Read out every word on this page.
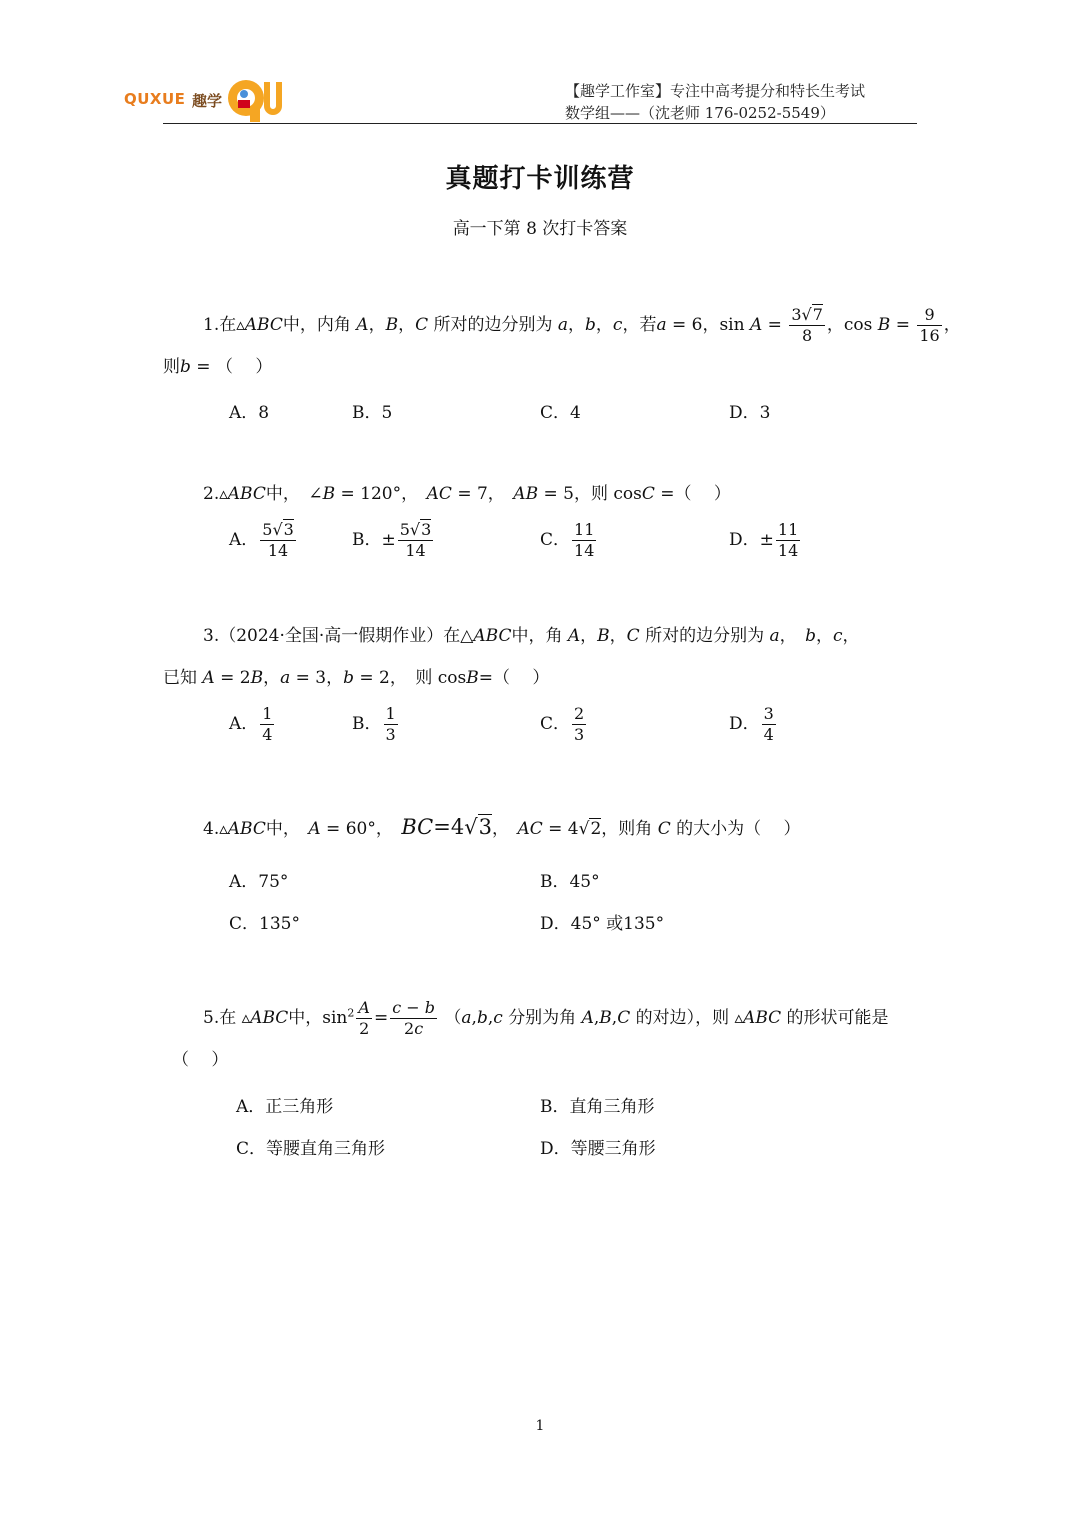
QUXUE 趣学
【趣学工作室】专注中高考提分和特长生考试
数学组——（沈老师 176-0252-5549）
真题打卡训练营
高一下第 8 次打卡答案
1.在▵ABC中，内角 A，B，C 所对的边分别为 a，b，c，若a = 6，$\sin A = \frac{3√7}{8}$ ，$\cos B = \frac{9}{16}$ ，
则b = （　 ）
A．8	B．5	C．4	D．3
2.▵ABC中，　∠B = 120°，　AC = 7，　AB = 5，则 cosC =（　 ）
A． $\frac{5√3}{14}$	B．± $\frac{5√3}{14}$	C． $\frac{11}{14}$	D．± $\frac{11}{14}$
3.（2024·全国·高一假期作业）在△ABC中，角 A，B，C 所对的边分别为 a，　b，c，
已知 A = 2B，a = 3，b = 2，　则 cosB=（　 ）
A． $\frac{1}{4}$	B． $\frac{1}{3}$	C． $\frac{2}{3}$	D． $\frac{3}{4}$
4.▵ABC中，　 A = 60°，　BC=4√3，　AC = 4√2，则角 C 的大小为（　 ）
A．75°	B．45°
C．135°	D．45° 或135°
5.在 ▵ABC中，$\sin^2 \frac{A}{2} = \frac{c - b}{2c} (a,b,c$ 分别为角 A,B,C 的对边），则 ▵ABC 的形状可能是
（　 ）
A．正三角形	B．直角三角形
C．等腰直角三角形	D．等腰三角形
1
